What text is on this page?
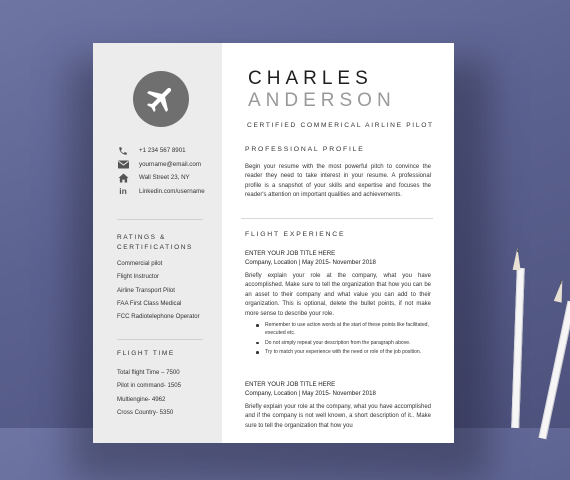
+1 234 567 8901
yourname@email.com
Wall Street 23, NY
in	Linkedin.com/username
RATINGS &
CERTIFICATIONS
Commercial pilot
Flight Instructor
Airline Transport Pilot
FAA First Class Medical
FCC Radiotelephone Operator
FLIGHT TIME
Total flight Time – 7500
Pilot in command- 1505
Multiengine- 4962
Cross Country- 5350
CHARLES
ANDERSON
CERTIFIED COMMERICAL AIRLINE PILOT
PROFESSIONAL PROFILE
Begin your resume with the most powerful pitch to convince the reader they need to take interest in your resume. A professional profile is a snapshot of your skills and expertise and focuses the reader's attention on important qualities and achievements.
FLIGHT EXPERIENCE
ENTER YOUR JOB TITLE HERE
Company, Location | May 2015- November 2018
Briefly explain your role at the company, what you have accomplished. Make sure to tell the organization that how you can be an asset to their company and what value you can add to their organization. This is optional, delete the bullet points, if not make more sense to describe your role.
Remember to use action words at the start of these points like facilitated, executed etc.
Do not simply repeat your description from the paragraph above.
Try to match your experience with the need or role of the job position.
ENTER YOUR JOB TITLE HERE
Company, Location | May 2015- November 2018
Briefly explain your role at the company, what you have accomplished and if the company is not well known, a short description of it.. Make sure to tell the organization that how you
